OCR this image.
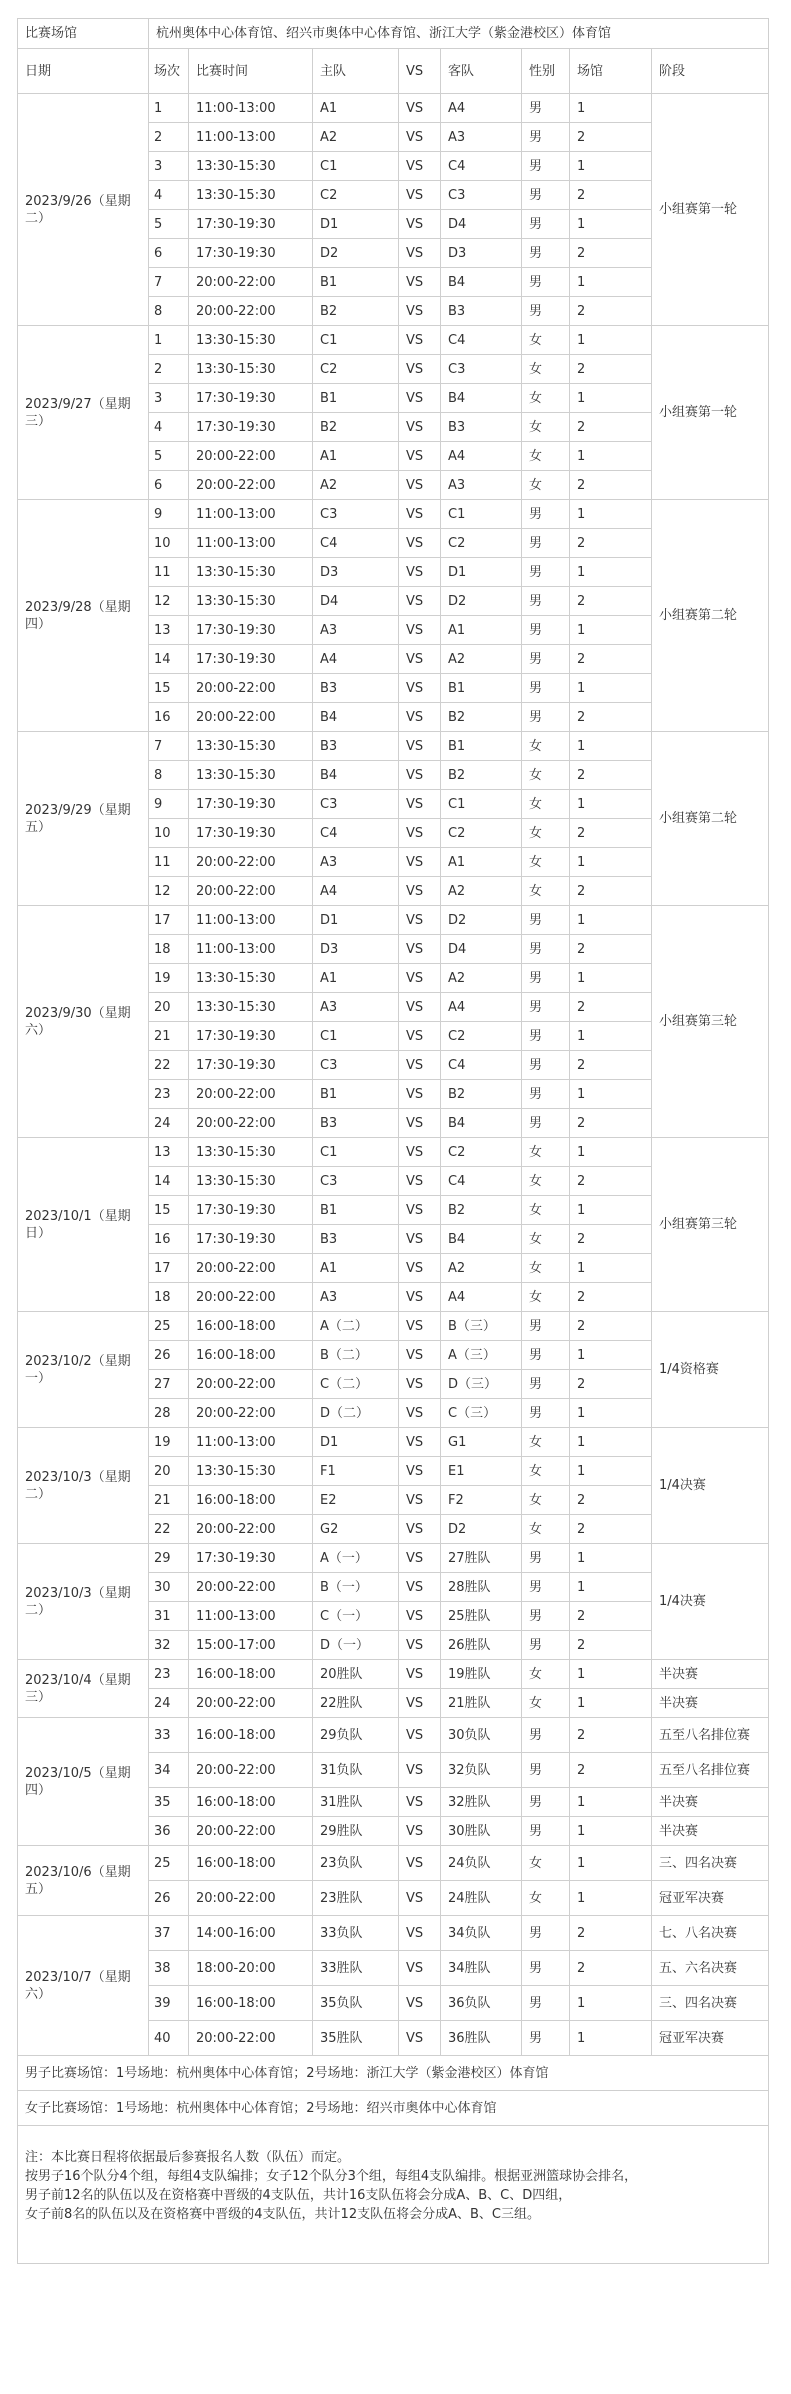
比赛场馆	杭州奥体中心体育馆、绍兴市奥体中心体育馆、浙江大学（紫金港校区）体育馆							
日期	场次	比赛时间	主队	VS	客队	性别	场馆	阶段
2023/9/26（星期二）	1	11:00-13:00	A1	VS	A4	男	1	小组赛第一轮
	2	11:00-13:00	A2	VS	A3	男	2	
	3	13:30-15:30	C1	VS	C4	男	1	
	4	13:30-15:30	C2	VS	C3	男	2	
	5	17:30-19:30	D1	VS	D4	男	1	
	6	17:30-19:30	D2	VS	D3	男	2	
	7	20:00-22:00	B1	VS	B4	男	1	
	8	20:00-22:00	B2	VS	B3	男	2	
2023/9/27（星期三）	1	13:30-15:30	C1	VS	C4	女	1	小组赛第一轮
	2	13:30-15:30	C2	VS	C3	女	2	
	3	17:30-19:30	B1	VS	B4	女	1	
	4	17:30-19:30	B2	VS	B3	女	2	
	5	20:00-22:00	A1	VS	A4	女	1	
	6	20:00-22:00	A2	VS	A3	女	2	
2023/9/28（星期四）	9	11:00-13:00	C3	VS	C1	男	1	小组赛第二轮
	10	11:00-13:00	C4	VS	C2	男	2	
	11	13:30-15:30	D3	VS	D1	男	1	
	12	13:30-15:30	D4	VS	D2	男	2	
	13	17:30-19:30	A3	VS	A1	男	1	
	14	17:30-19:30	A4	VS	A2	男	2	
	15	20:00-22:00	B3	VS	B1	男	1	
	16	20:00-22:00	B4	VS	B2	男	2	
2023/9/29（星期五）	7	13:30-15:30	B3	VS	B1	女	1	小组赛第二轮
	8	13:30-15:30	B4	VS	B2	女	2	
	9	17:30-19:30	C3	VS	C1	女	1	
	10	17:30-19:30	C4	VS	C2	女	2	
	11	20:00-22:00	A3	VS	A1	女	1	
	12	20:00-22:00	A4	VS	A2	女	2	
2023/9/30（星期六）	17	11:00-13:00	D1	VS	D2	男	1	小组赛第三轮
	18	11:00-13:00	D3	VS	D4	男	2	
	19	13:30-15:30	A1	VS	A2	男	1	
	20	13:30-15:30	A3	VS	A4	男	2	
	21	17:30-19:30	C1	VS	C2	男	1	
	22	17:30-19:30	C3	VS	C4	男	2	
	23	20:00-22:00	B1	VS	B2	男	1	
	24	20:00-22:00	B3	VS	B4	男	2	
2023/10/1（星期日）	13	13:30-15:30	C1	VS	C2	女	1	小组赛第三轮
	14	13:30-15:30	C3	VS	C4	女	2	
	15	17:30-19:30	B1	VS	B2	女	1	
	16	17:30-19:30	B3	VS	B4	女	2	
	17	20:00-22:00	A1	VS	A2	女	1	
	18	20:00-22:00	A3	VS	A4	女	2	
2023/10/2（星期一）	25	16:00-18:00	A（二）	VS	B（三）	男	2	1/4资格赛
	26	16:00-18:00	B（二）	VS	A（三）	男	1	
	27	20:00-22:00	C（二）	VS	D（三）	男	2	
	28	20:00-22:00	D（二）	VS	C（三）	男	1	
2023/10/3（星期二）	19	11:00-13:00	D1	VS	G1	女	1	1/4决赛
	20	13:30-15:30	F1	VS	E1	女	1	
	21	16:00-18:00	E2	VS	F2	女	2	
	22	20:00-22:00	G2	VS	D2	女	2	
2023/10/3（星期二）	29	17:30-19:30	A（一）	VS	27胜队	男	1	1/4决赛
	30	20:00-22:00	B（一）	VS	28胜队	男	1	
	31	11:00-13:00	C（一）	VS	25胜队	男	2	
	32	15:00-17:00	D（一）	VS	26胜队	男	2	
2023/10/4（星期三）	23	16:00-18:00	20胜队	VS	19胜队	女	1	半决赛
	24	20:00-22:00	22胜队	VS	21胜队	女	1	半决赛
2023/10/5（星期四）	33	16:00-18:00	29负队	VS	30负队	男	2	五至八名排位赛
	34	20:00-22:00	31负队	VS	32负队	男	2	五至八名排位赛
	35	16:00-18:00	31胜队	VS	32胜队	男	1	半决赛
	36	20:00-22:00	29胜队	VS	30胜队	男	1	半决赛
2023/10/6（星期五）	25	16:00-18:00	23负队	VS	24负队	女	1	三、四名决赛
	26	20:00-22:00	23胜队	VS	24胜队	女	1	冠亚军决赛
2023/10/7（星期六）	37	14:00-16:00	33负队	VS	34负队	男	2	七、八名决赛
	38	18:00-20:00	33胜队	VS	34胜队	男	2	五、六名决赛
	39	16:00-18:00	35负队	VS	36负队	男	1	三、四名决赛
	40	20:00-22:00	35胜队	VS	36胜队	男	1	冠亚军决赛
男子比赛场馆：1号场地：杭州奥体中心体育馆；2号场地：浙江大学（紫金港校区）体育馆								
女子比赛场馆：1号场地：杭州奥体中心体育馆；2号场地：绍兴市奥体中心体育馆								

注：本比赛日程将依据最后参赛报名人数（队伍）而定。
按男子16个队分4个组，每组4支队编排；女子12个队分3个组，每组4支队编排。根据亚洲篮球协会排名，
男子前12名的队伍以及在资格赛中晋级的4支队伍，共计16支队伍将会分成A、B、C、D四组，
女子前8名的队伍以及在资格赛中晋级的4支队伍，共计12支队伍将会分成A、B、C三组。								
